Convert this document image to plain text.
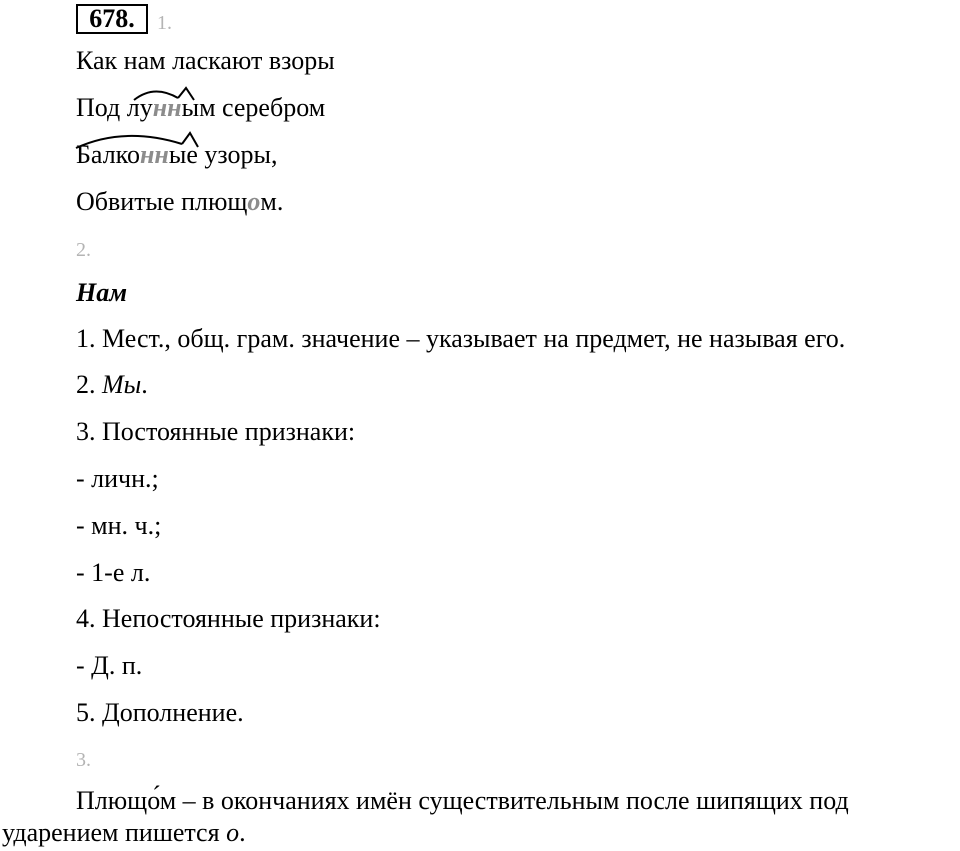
678.	1.
Как нам ласкают взоры
Под лунным серебром
Балконные узоры,
Обвитые плющом.
2.
Нам
1. Мест., общ. грам. значение – указывает на предмет, не называя его.
2. Мы.
3. Постоянные признаки:
- личн.;
- мн. ч.;
- 1-е л.
4. Непостоянные признаки:
- Д. п.
5. Дополнение.
3.
Плющо́м – в окончаниях имён существительным после шипящих под
ударением пишется о.
